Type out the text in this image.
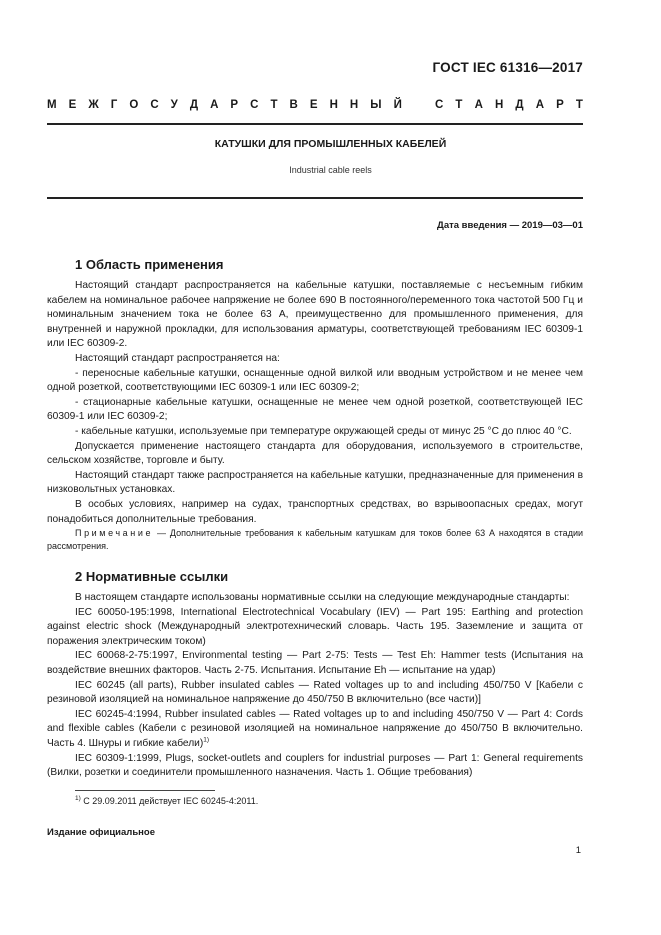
ГОСТ IEC 61316—2017
М Е Ж Г О С У Д А Р С Т В Е Н Н Ы Й	С Т А Н Д А Р Т
КАТУШКИ ДЛЯ ПРОМЫШЛЕННЫХ КАБЕЛЕЙ
Industrial cable reels
Дата введения — 2019—03—01
1 Область применения

Настоящий стандарт распространяется на кабельные катушки, поставляемые с несъемным гибким кабелем на номинальное рабочее напряжение не более 690 В постоянного/переменного тока частотой 500 Гц и номинальным значением тока не более 63 А, преимущественно для промышленного применения, для внутренней и наружной прокладки, для использования арматуры, соответствующей требованиям IEC 60309-1 или IEC 60309-2.

Настоящий стандарт распространяется на:

- переносные кабельные катушки, оснащенные одной вилкой или вводным устройством и не менее чем одной розеткой, соответствующими IEC 60309-1 или IEC 60309-2;

- стационарные кабельные катушки, оснащенные не менее чем одной розеткой, соответствующей IEC 60309-1 или IEC 60309-2;

- кабельные катушки, используемые при температуре окружающей среды от минус 25 °С до плюс 40 °С.

Допускается применение настоящего стандарта для оборудования, используемого в строительстве, сельском хозяйстве, торговле и быту.

Настоящий стандарт также распространяется на кабельные катушки, предназначенные для применения в низковольтных установках.

В особых условиях, например на судах, транспортных средствах, во взрывоопасных средах, могут понадобиться дополнительные требования.

Примечание — Дополнительные требования к кабельным катушкам для токов более 63 А находятся в стадии рассмотрения.

2 Нормативные ссылки

В настоящем стандарте использованы нормативные ссылки на следующие международные стандарты:

IEC 60050-195:1998, International Electrotechnical Vocabulary (IEV) — Part 195: Earthing and protection against electric shock (Международный электротехнический словарь. Часть 195. Заземление и защита от поражения электрическим током)

IEC 60068-2-75:1997, Environmental testing — Part 2-75: Tests — Test Eh: Hammer tests (Испытания на воздействие внешних факторов. Часть 2-75. Испытания. Испытание Eh — испытание на удар)

IEC 60245 (all parts), Rubber insulated cables — Rated voltages up to and including 450/750 V [Кабели с резиновой изоляцией на номинальное напряжение до 450/750 В включительно (все части)]

IEC 60245-4:1994, Rubber insulated cables — Rated voltages up to and including 450/750 V — Part 4: Cords and flexible cables (Кабели с резиновой изоляцией на номинальное напряжение до 450/750 В включительно. Часть 4. Шнуры и гибкие кабели)$^{1)}$

IEC 60309-1:1999, Plugs, socket-outlets and couplers for industrial purposes — Part 1: General requirements (Вилки, розетки и соединители промышленного назначения. Часть 1. Общие требования)

$^{1)}$ С 29.09.2011 действует IEC 60245-4:2011.
Издание официальное
1
